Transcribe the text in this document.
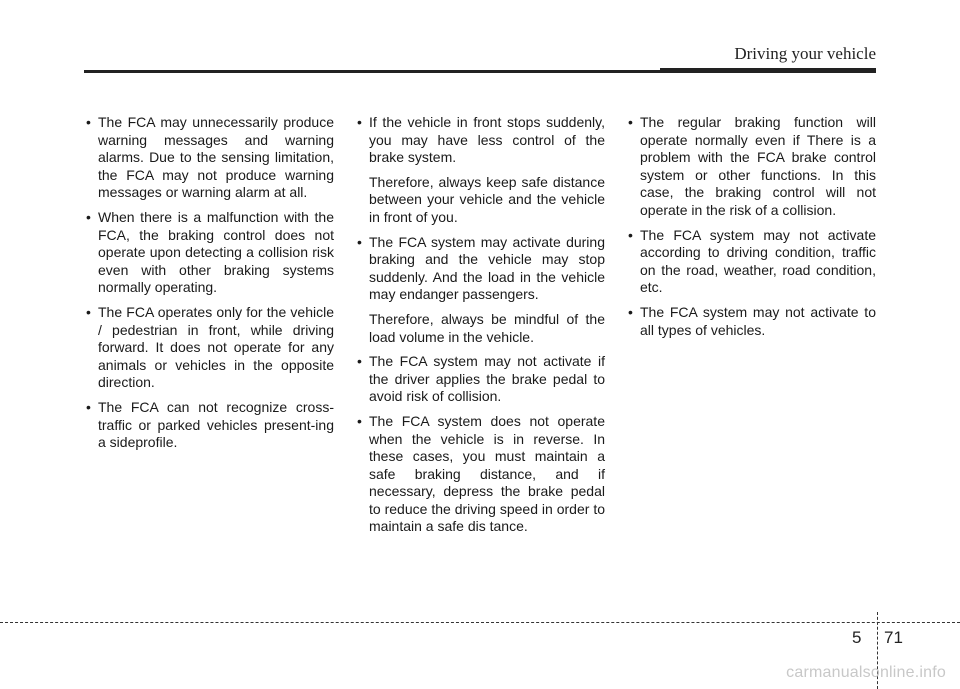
Driving your vehicle
• The FCA may unnecessarily produce warning messages and warning alarms. Due to the sensing limitation, the FCA may not produce warning messages or warning alarm at all.

• When there is a malfunction with the FCA, the braking control does not operate upon detecting a collision risk even with other braking systems normally operating.

• The FCA operates only for the vehicle / pedestrian in front, while driving forward. It does not operate for any animals or vehicles in the opposite direction.

• The FCA can not recognize cross-traffic or parked vehicles present-ing a sideprofile.

• If the vehicle in front stops suddenly, you may have less control of the brake system.

Therefore, always keep safe distance between your vehicle and the vehicle in front of you.

• The FCA system may activate during braking and the vehicle may stop suddenly. And the load in the vehicle may endanger passengers.

Therefore, always be mindful of the load volume in the vehicle.

• The FCA system may not activate if the driver applies the brake pedal to avoid risk of collision.

• The FCA system does not operate when the vehicle is in reverse. In these cases, you must maintain a safe braking distance, and if necessary, depress the brake pedal to reduce the driving speed in order to maintain a safe dis tance.

• The regular braking function will operate normally even if There is a problem with the FCA brake control system or other functions. In this case, the braking control will not operate in the risk of a collision.

• The FCA system may not activate according to driving condition, traffic on the road, weather, road condition, etc.

• The FCA system may not activate to all types of vehicles.

5 71
carmanualsonline.info
